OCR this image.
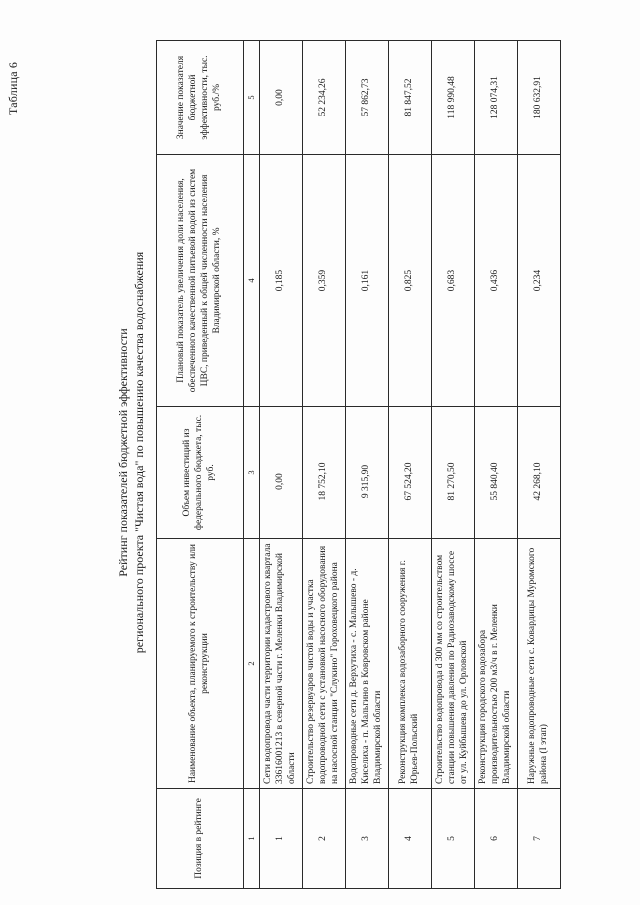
Таблица 6
Рейтинг показателей бюджетной эффективности регионального проекта "Чистая вода" по повышению качества водоснабжения
Позиция в рейтинге	Наименование объекта, планируемого к строительству или реконструкции	Объем инвестиций из федерального бюджета, тыс. руб.	Плановый показатель увеличения доли населения, обеспеченного качественной питьевой водой из систем ЦВС, приведенный к общей численности населения Владимирской области, %	Значение показателя бюджетной эффективности, тыс. руб./%
1	2	3	4	5
1	Сети водопровода части территории кадастрового квартала 33616001213 в северной части г. Меленки Владимирской области	0,00	0,185	0,00
2	Строительство резервуаров чистой воды и участка водопроводной сети с установкой насосного оборудования на насосной станции "Слукино" Гороховецкого района	18 752,10	0,359	52 234,26
3	Водопроводные сети д. Верхутиха - с. Малышево - д. Киселиха - п. Мальгино в Ковровском районе Владимирской области	9 315,90	0,161	57 862,73
4	Реконструкция комплекса водозаборного сооружения г. Юрьев-Польский	67 524,20	0,825	81 847,52
5	Строительство водопровода d 300 мм со строительством станции повышения давления по Радиозаводскому шоссе от ул. Куйбышева до ул. Орловской	81 270,50	0,683	118 990,48
6	Реконструкция городского водозабора производительностью 200 м3/ч в г. Меленки Владимирской области	55 840,40	0,436	128 074,31
7	Наружные водопроводные сети с. Ковардицы Муромского района (I этап)	42 268,10	0,234	180 632,91
